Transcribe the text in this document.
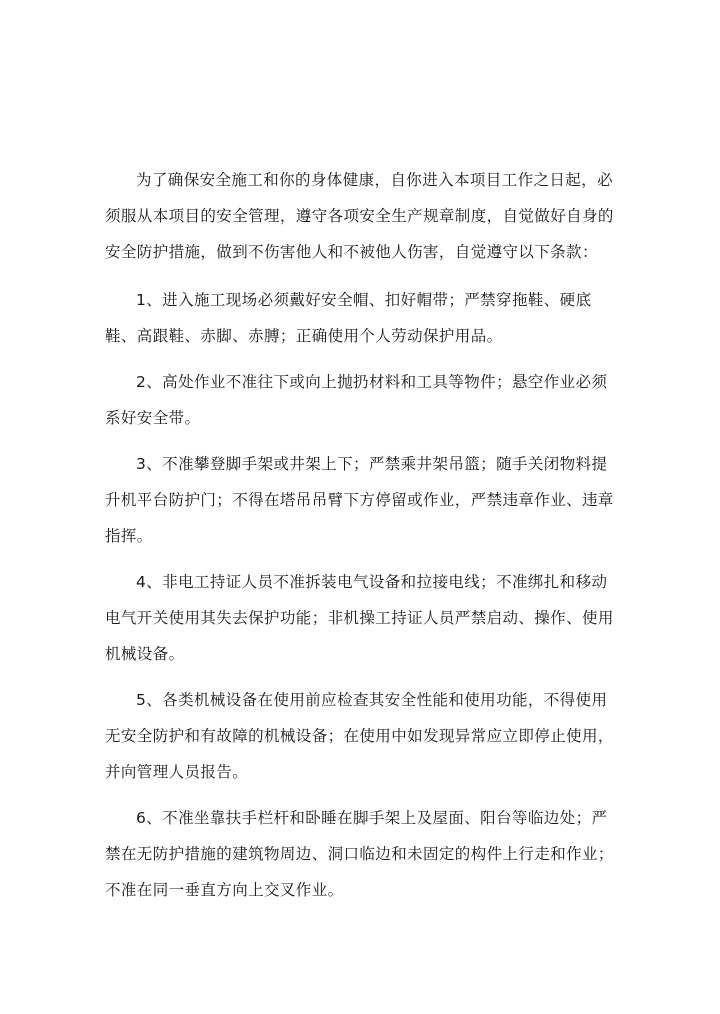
为了确保安全施工和你的身体健康，自你进入本项目工作之日起，必须服从本项目的安全管理，遵守各项安全生产规章制度，自觉做好自身的安全防护措施，做到不伤害他人和不被他人伤害，自觉遵守以下条款：

1、进入施工现场必须戴好安全帽、扣好帽带；严禁穿拖鞋、硬底鞋、高跟鞋、赤脚、赤膊；正确使用个人劳动保护用品。

2、高处作业不准往下或向上抛扔材料和工具等物件；悬空作业必须系好安全带。

3、不准攀登脚手架或井架上下；严禁乘井架吊篮；随手关闭物料提升机平台防护门；不得在塔吊吊臂下方停留或作业，严禁违章作业、违章指挥。

4、非电工持证人员不准拆装电气设备和拉接电线；不准绑扎和移动电气开关使用其失去保护功能；非机操工持证人员严禁启动、操作、使用机械设备。

5、各类机械设备在使用前应检查其安全性能和使用功能，不得使用无安全防护和有故障的机械设备；在使用中如发现异常应立即停止使用，并向管理人员报告。

6、不准坐靠扶手栏杆和卧睡在脚手架上及屋面、阳台等临边处；严禁在无防护措施的建筑物周边、洞口临边和未固定的构件上行走和作业；不准在同一垂直方向上交叉作业。
